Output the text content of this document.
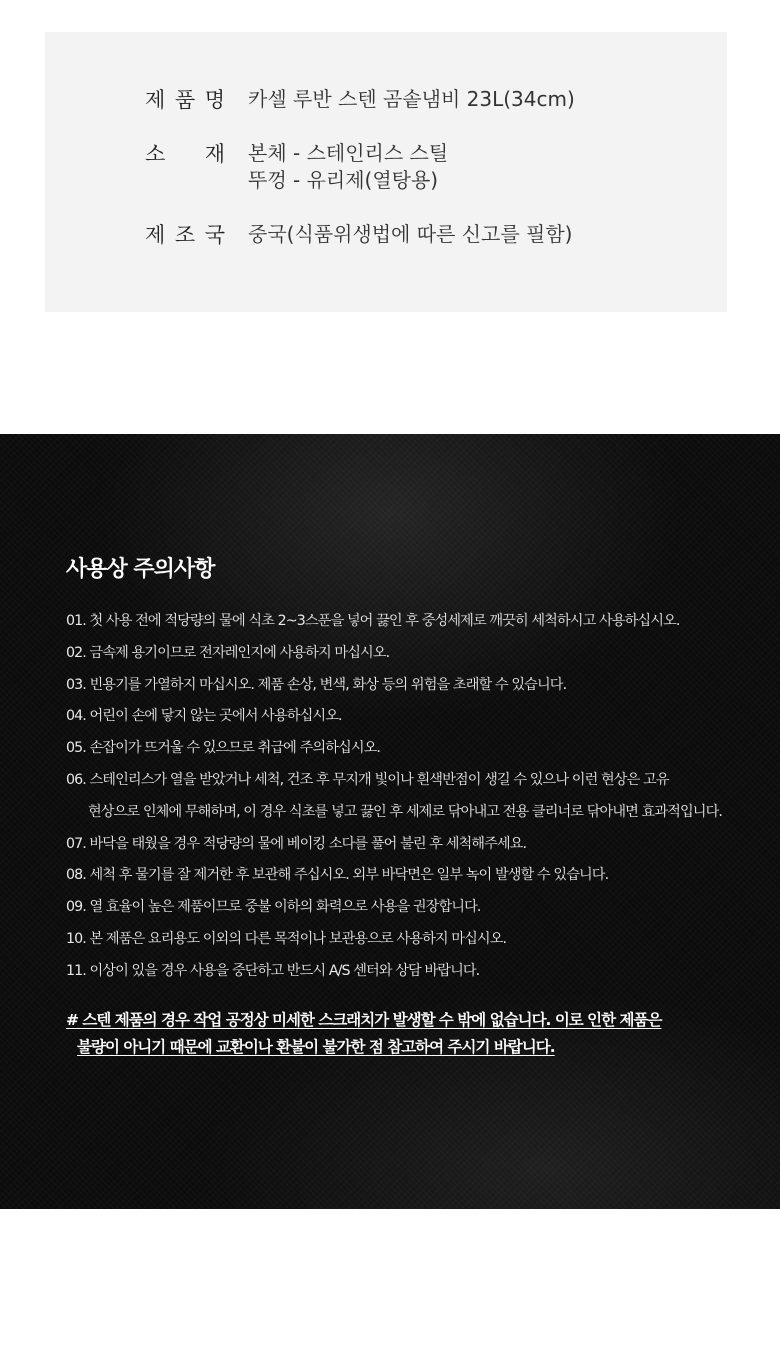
제 품 명 카셀 루반 스텐 곰솥냄비 23L(34cm)
소 재 본체 - 스테인리스 스틸
뚜껑 - 유리제(열탕용)
제 조 국 중국(식품위생법에 따른 신고를 필함)
사용상 주의사항
01. 첫 사용 전에 적당량의 물에 식초 2~3스푼을 넣어 끓인 후 중성세제로 깨끗히 세척하시고 사용하십시오.
02. 금속제 용기이므로 전자레인지에 사용하지 마십시오.
03. 빈용기를 가열하지 마십시오. 제품 손상, 변색, 화상 등의 위험을 초래할 수 있습니다.
04. 어린이 손에 닿지 않는 곳에서 사용하십시오.
05. 손잡이가 뜨거울 수 있으므로 취급에 주의하십시오.
06. 스테인리스가 열을 받았거나 세척, 건조 후 무지개 빛이나 흰색반점이 생길 수 있으나 이런 현상은 고유
현상으로 인체에 무해하며, 이 경우 식초를 넣고 끓인 후 세제로 닦아내고 전용 클리너로 닦아내면 효과적입니다.
07. 바닥을 태웠을 경우 적당량의 물에 베이킹 소다를 풀어 불린 후 세척해주세요.
08. 세척 후 물기를 잘 제거한 후 보관해 주십시오. 외부 바닥면은 일부 녹이 발생할 수 있습니다.
09. 열 효율이 높은 제품이므로 중불 이하의 화력으로 사용을 권장합니다.
10. 본 제품은 요리용도 이외의 다른 목적이나 보관용으로 사용하지 마십시오.
11. 이상이 있을 경우 사용을 중단하고 반드시 A/S 센터와 상담 바랍니다.
# 스텐 제품의 경우 작업 공정상 미세한 스크래치가 발생할 수 밖에 없습니다. 이로 인한 제품은
불량이 아니기 때문에 교환이나 환불이 불가한 점 참고하여 주시기 바랍니다.
